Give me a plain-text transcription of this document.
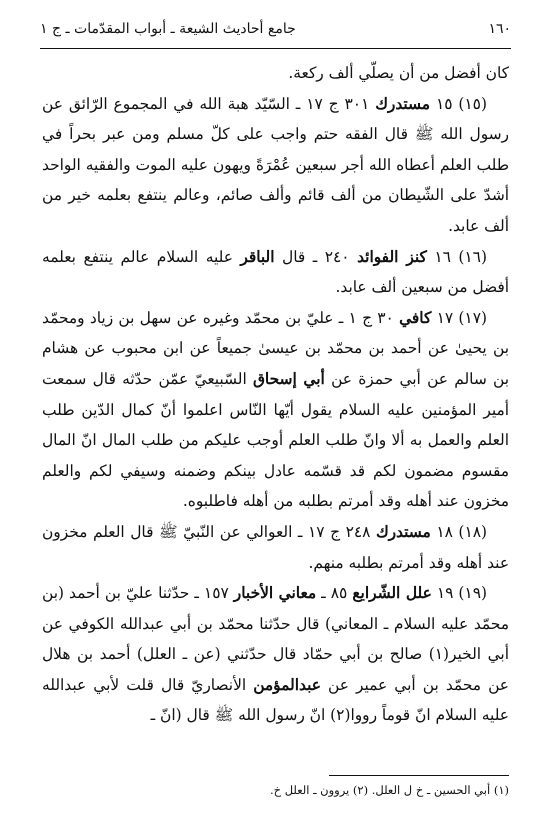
١٦٠
جامع أحاديث الشيعة ـ أبواب المقدّمات ـ ج ١

كان أفضل من أن يصلّي ألف ركعة.

(١٥) ١٥ مستدرك ٣٠١ ج ١٧ ـ السّيّد هبة الله في المجموع الرّائق عن رسول الله ﷺ قال الفقه حتم واجب على كلّ مسلم ومن عبر بحراً في طلب العلم أعطاه الله أجر سبعين عُمْرَةً ويهون عليه الموت والفقيه الواحد أشدّ على الشّيطان من ألف قائم وألف صائم، وعالم ينتفع بعلمه خير من ألف عابد.

(١٦) ١٦ كنز الفوائد ٢٤٠ ـ قال الباقر عليه السلام عالم ينتفع بعلمه أفضل من سبعين ألف عابد.

(١٧) ١٧ كافي ٣٠ ج ١ ـ عليّ بن محمّد وغيره عن سهل بن زياد ومحمّد بن يحيىٰ عن أحمد بن محمّد بن عيسىٰ جميعاً عن ابن محبوب عن هشام بن سالم عن أبي حمزة عن أبي إسحاق السّبيعيّ عمّن حدّثه قال سمعت أمير المؤمنين عليه السلام يقول أيّها النّاس اعلموا أنّ كمال الدّين طلب العلم والعمل به ألا وانّ طلب العلم أوجب عليكم من طلب المال انّ المال مقسوم مضمون لكم قد قسّمه عادل بينكم وضمنه وسيفي لكم والعلم مخزون عند أهله وقد أمرتم بطلبه من أهله فاطلبوه.

(١٨) ١٨ مستدرك ٢٤٨ ج ١٧ ـ العوالي عن النّبيّ ﷺ قال العلم مخزون عند أهله وقد أمرتم بطلبه منهم.

(١٩) ١٩ علل الشّرايع ٨٥ ـ معاني الأخبار ١٥٧ ـ حدّثنا عليّ بن أحمد (بن محمّد عليه السلام ـ المعاني) قال حدّثنا محمّد بن أبي عبدالله الكوفي عن أبي الخير(١) صالح بن أبي حمّاد قال حدّثني (عن ـ العلل) أحمد بن هلال عن محمّد بن أبي عمير عن عبدالمؤمن الأنصاريّ قال قلت لأبي عبدالله عليه السلام انّ قوماً رووا(٢) انّ رسول الله ﷺ قال (انّ ـ

(١) أبي الحسين ـ خ ل العلل. (٢) يروون ـ العلل خ.
